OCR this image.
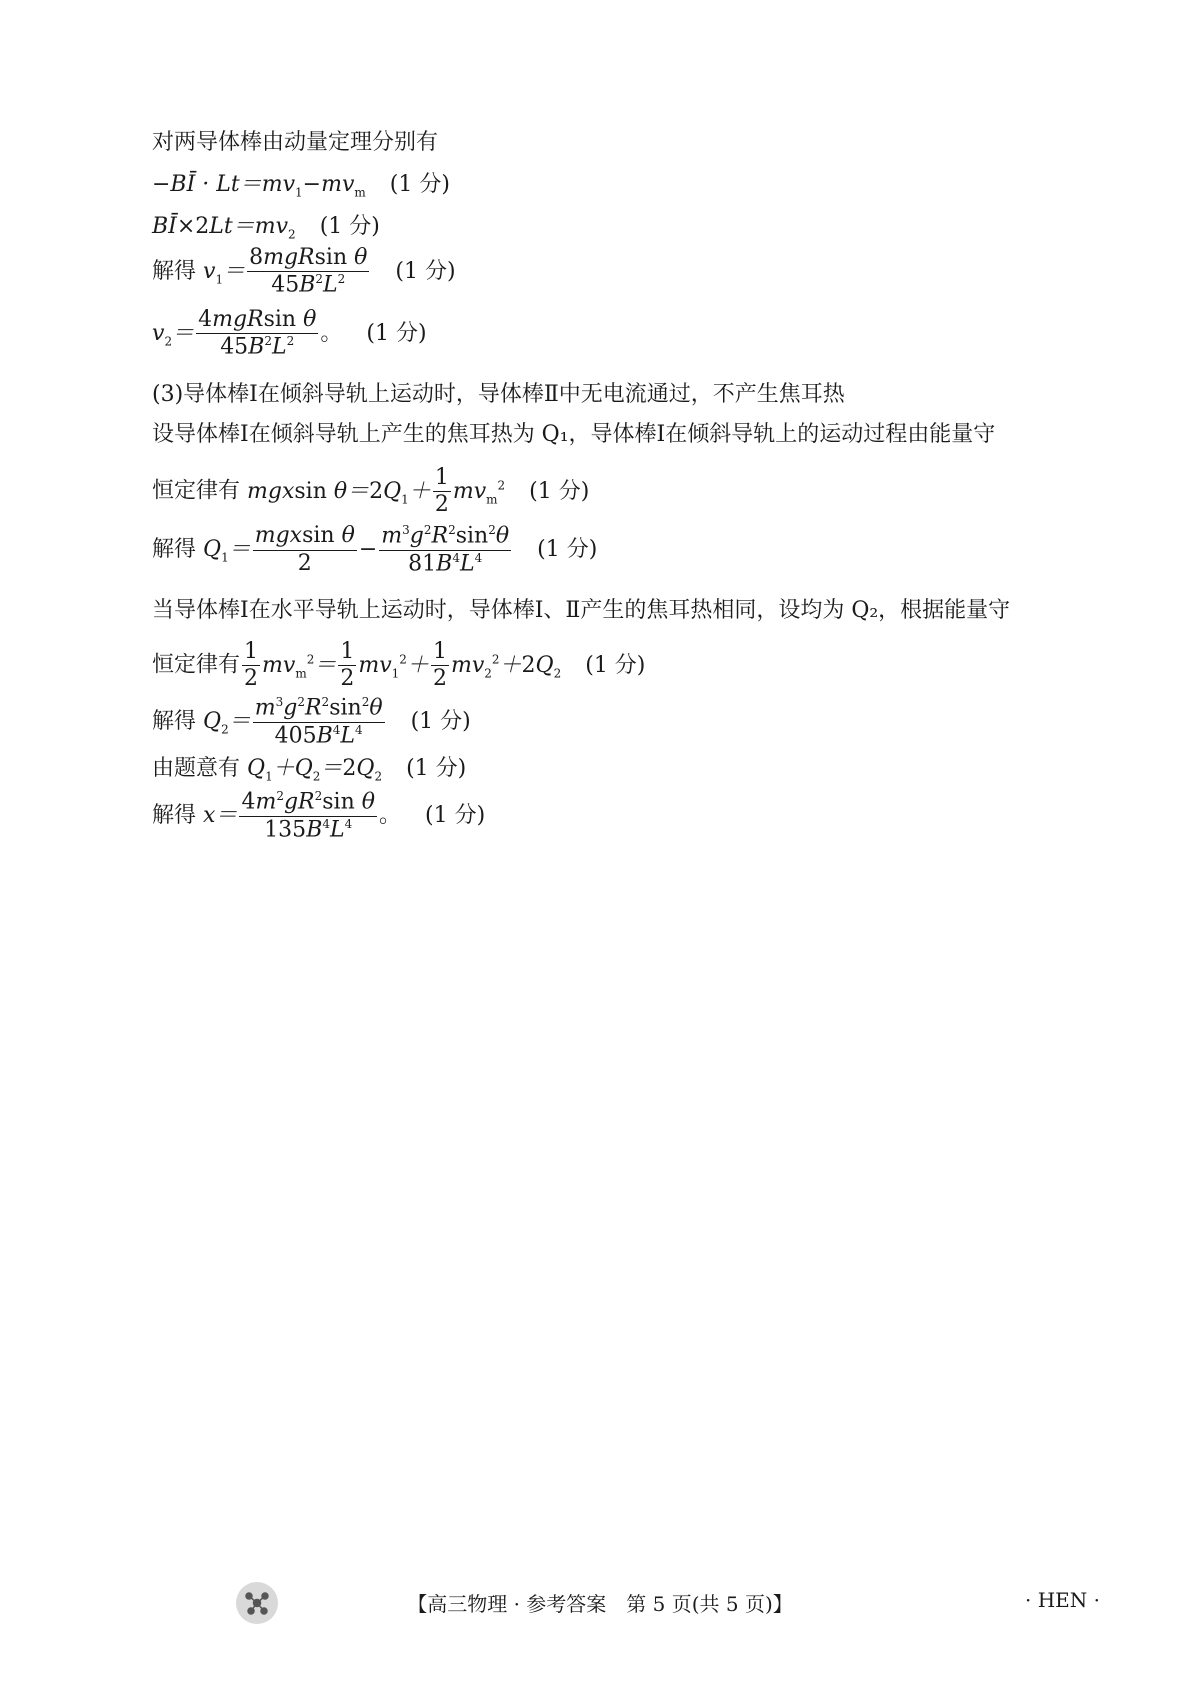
对两导体棒由动量定理分别有
−BĪ · $Lt=mv_1-mv_m$ (1 分)
$BĪ\times 2Lt=mv_2$ (1 分)
解得 $v_1= \frac{\text{8mgRsin θ}}{45B^2L^2} (1$ 分)
$v_2= \frac{\text{4mgRsin θ}}{45B^2L^2}$ 。 (1 分)
(3)导体棒Ⅰ在倾斜导轨上运动时，导体棒Ⅱ中无电流通过，不产生焦耳热
设导体棒Ⅰ在倾斜导轨上产生的焦耳热为 Q₁，导体棒Ⅰ在倾斜导轨上的运动过程由能量守
恒定律有 mgxsin $\theta=2Q_1+ \frac{1}{2} mv_m^2$ (1 分)
解得 $Q_1= \frac{\text{mgxsin θ}}{2} - \frac{m^3g^2R^2\sin^2\theta}{81B^4L^4} (1$ 分)
当导体棒Ⅰ在水平导轨上运动时，导体棒Ⅰ、Ⅱ产生的焦耳热相同，设均为 Q₂，根据能量守
恒定律有 $\frac{1}{2} mv_m^2= \frac{1}{2} mv_1^2+ \frac{1}{2} mv_2^2+2Q_2$ (1 分)
解得 $Q_2= \frac{m^3g^2R^2\sin^2\theta}{405B^4L^4} (1$ 分)
由题意有 $Q_1+Q_2=2Q_2$ (1 分)
解得 $x= \frac{4m^2gR^2\sin \theta}{135B^4L^4}$ 。 (1 分)
【高三物理 · 参考答案　第 5 页(共 5 页)】	· HEN ·
